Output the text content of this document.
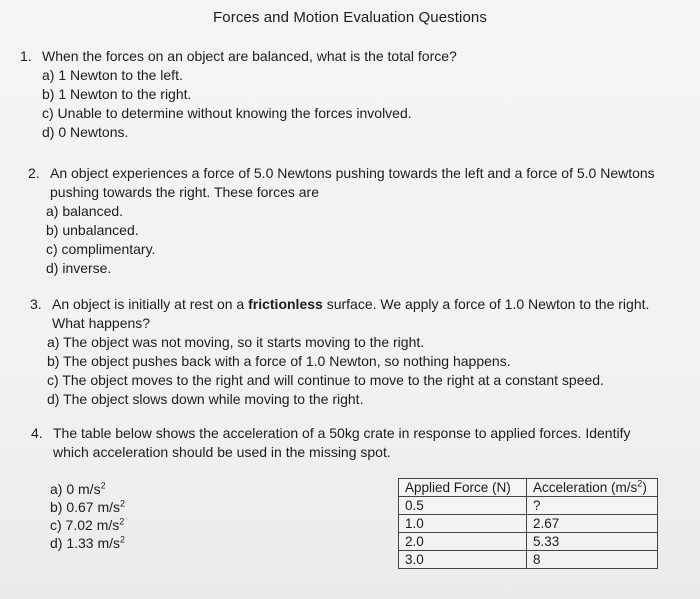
Forces and Motion Evaluation Questions
1. When the forces on an object are balanced, what is the total force?
a) 1 Newton to the left.
b) 1 Newton to the right.
c) Unable to determine without knowing the forces involved.
d) 0 Newtons.
2. An object experiences a force of 5.0 Newtons pushing towards the left and a force of 5.0 Newtons
pushing towards the right. These forces are
a) balanced.
b) unbalanced.
c) complimentary.
d) inverse.
3. An object is initially at rest on a frictionless surface. We apply a force of 1.0 Newton to the right.
What happens?
a) The object was not moving, so it starts moving to the right.
b) The object pushes back with a force of 1.0 Newton, so nothing happens.
c) The object moves to the right and will continue to move to the right at a constant speed.
d) The object slows down while moving to the right.
4. The table below shows the acceleration of a 50kg crate in response to applied forces. Identify
which acceleration should be used in the missing spot.
a) 0 $m/s^2$
b) 0.67 $m/s^2$
c) 7.02 $m/s^2$
d) 1.33 $m/s^2$
Applied Force (N)	Acceleration $(m/s^2)$
0.5	?
1.0	2.67
2.0	5.33
3.0	8
